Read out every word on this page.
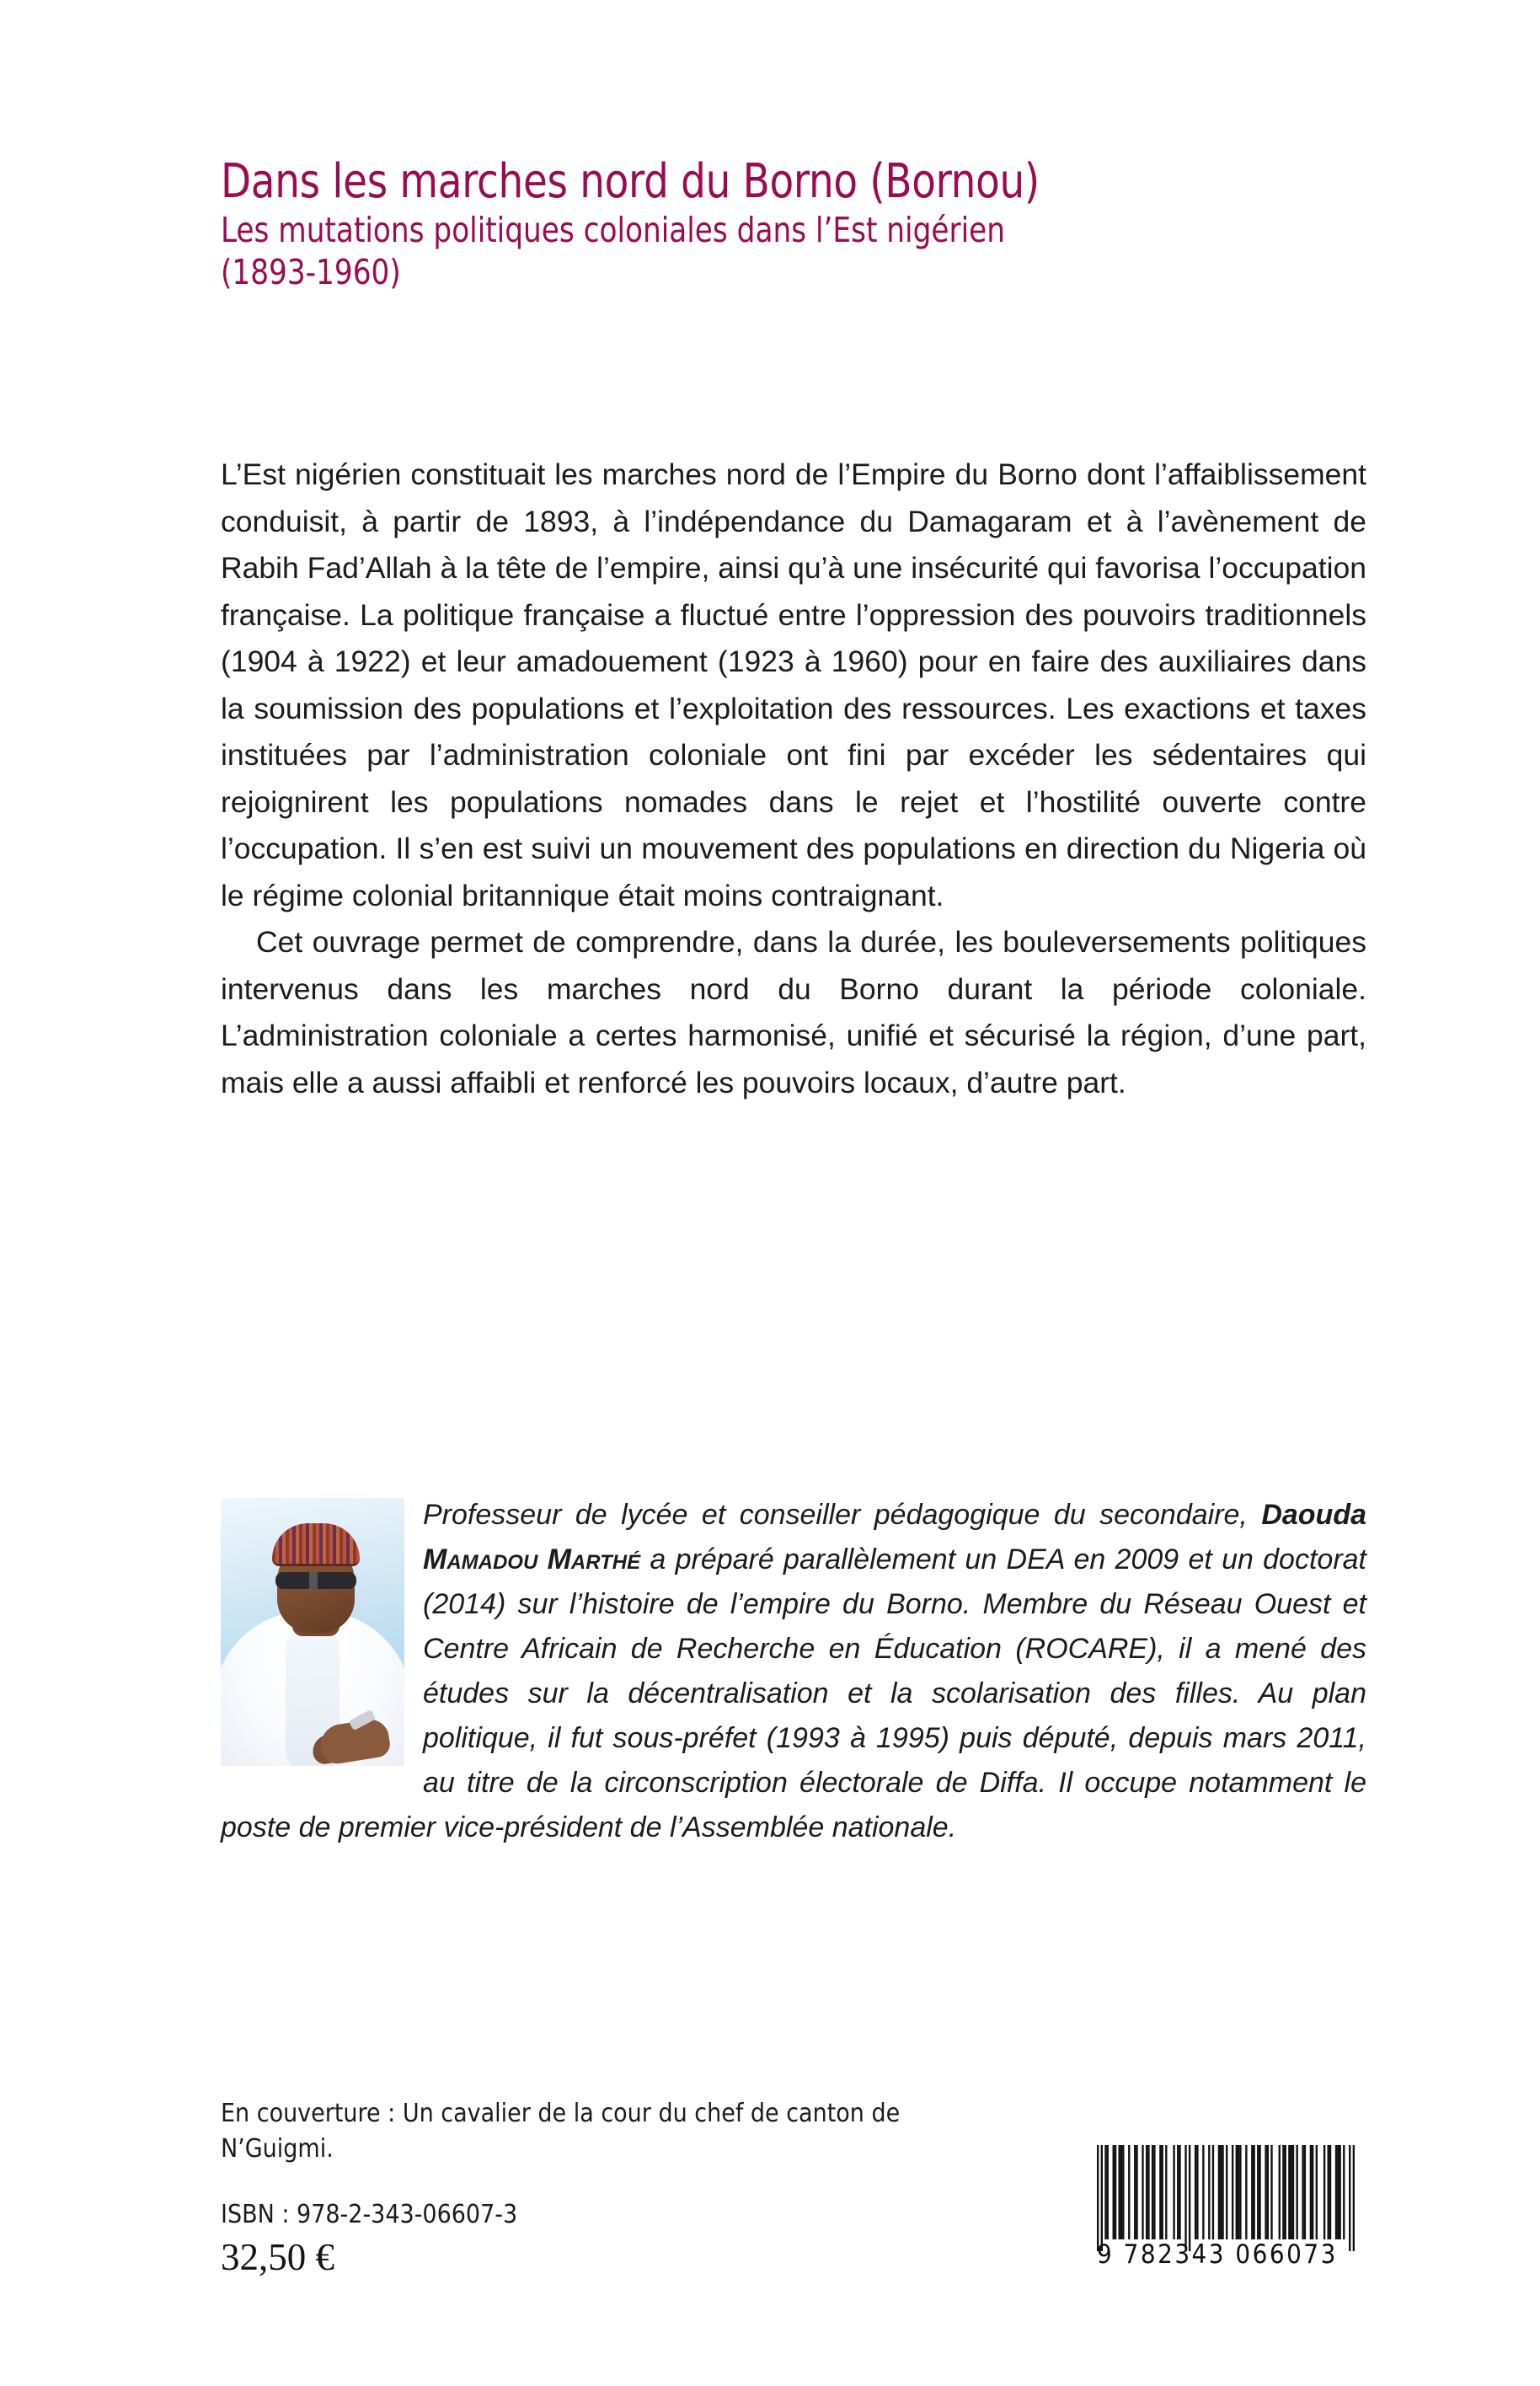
Dans les marches nord du Borno (Bornou)
Les mutations politiques coloniales dans l’Est nigérien
(1893-1960)

L’Est nigérien constituait les marches nord de l’Empire du Borno dont l’affaiblissement conduisit, à partir de 1893, à l’indépendance du Damagaram et à l’avènement de Rabih Fad’Allah à la tête de l’empire, ainsi qu’à une insécurité qui favorisa l’occupation française. La politique française a fluctué entre l’oppression des pouvoirs traditionnels (1904 à 1922) et leur amadouement (1923 à 1960) pour en faire des auxiliaires dans la soumission des populations et l’exploitation des ressources. Les exactions et taxes instituées par l’administration coloniale ont fini par excéder les sédentaires qui rejoignirent les populations nomades dans le rejet et l’hostilité ouverte contre l’occupation. Il s’en est suivi un mouvement des populations en direction du Nigeria où le régime colonial britannique était moins contraignant.

Cet ouvrage permet de comprendre, dans la durée, les bouleversements politiques intervenus dans les marches nord du Borno durant la période coloniale. L’administration coloniale a certes harmonisé, unifié et sécurisé la région, d’une part, mais elle a aussi affaibli et renforcé les pouvoirs locaux, d’autre part.

Professeur de lycée et conseiller pédagogique du secondaire, Daouda Mamadou Marthé a préparé parallèlement un DEA en 2009 et un doctorat (2014) sur l’histoire de l’empire du Borno. Membre du Réseau Ouest et Centre Africain de Recherche en Éducation (ROCARE), il a mené des études sur la décentralisation et la scolarisation des filles. Au plan politique, il fut sous-préfet (1993 à 1995) puis député, depuis mars 2011, au titre de la circonscription électorale de Diffa. Il occupe notamment le poste de premier vice-président de l’Assemblée nationale.
En couverture : Un cavalier de la cour du chef de canton de N’Guigmi.
ISBN : 978-2-343-06607-3
32,50 €	9 782343 066073
